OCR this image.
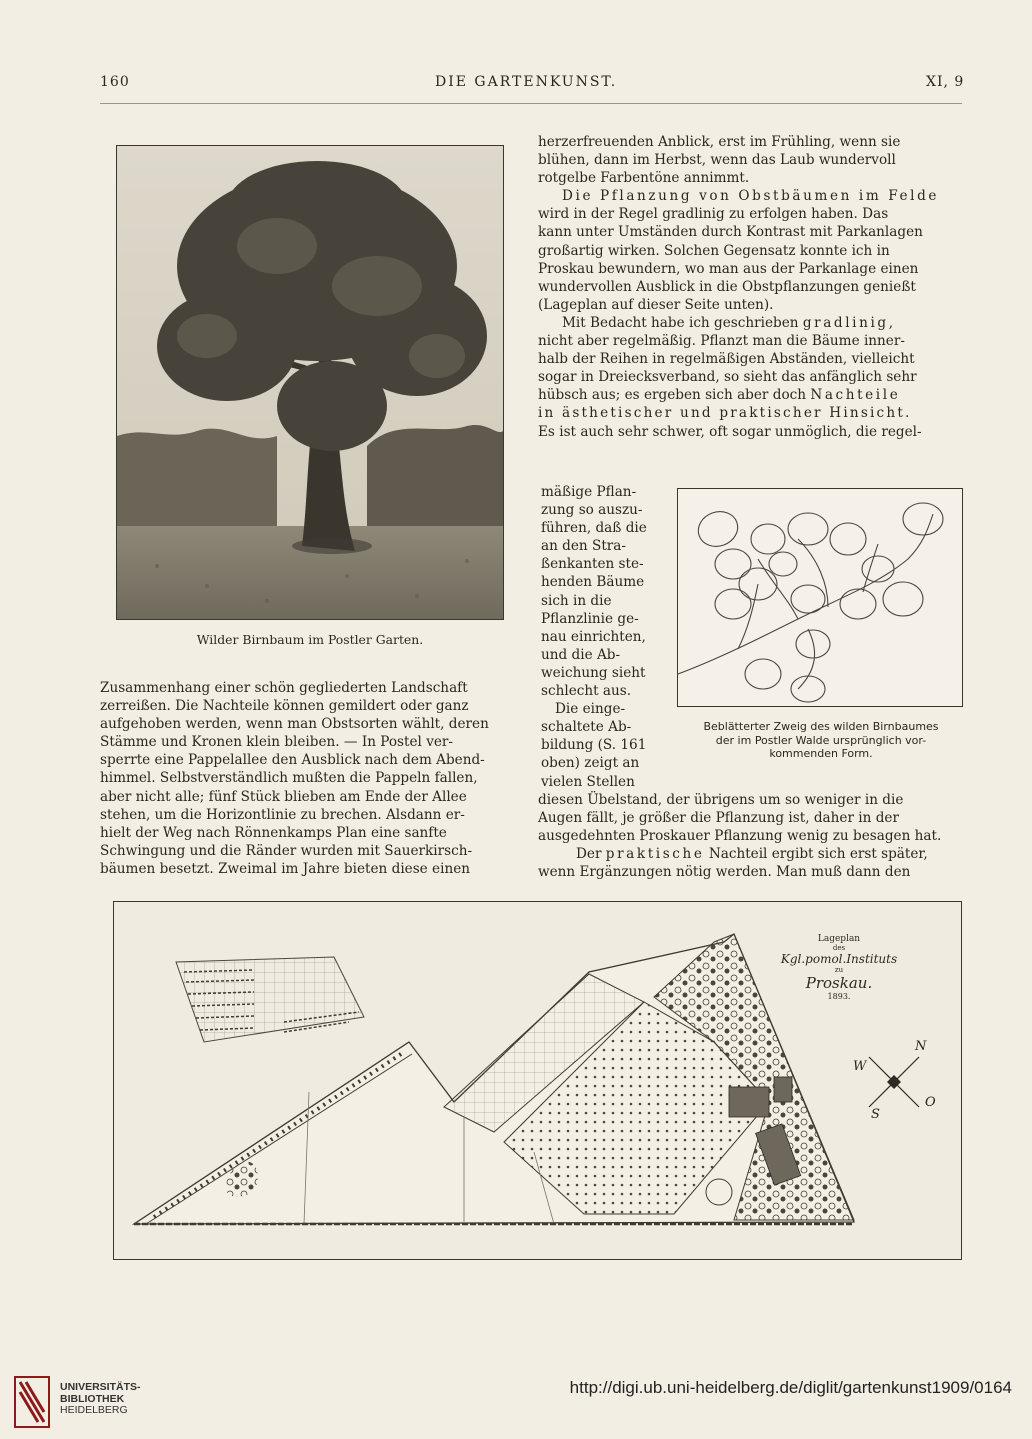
160	DIE GARTENKUNST.	XI, 9
Wilder Birnbaum im Postler Garten.

Zusammenhang einer schön gegliederten Landschaft

zerreißen. Die Nachteile können gemildert oder ganz

aufgehoben werden, wenn man Obstsorten wählt, deren

Stämme und Kronen klein bleiben. — In Postel ver-

sperrte eine Pappelallee den Ausblick nach dem Abend-

himmel. Selbstverständlich mußten die Pappeln fallen,

aber nicht alle; fünf Stück blieben am Ende der Allee

stehen, um die Horizontlinie zu brechen. Alsdann er-

hielt der Weg nach Rönnenkamps Plan eine sanfte

Schwingung und die Ränder wurden mit Sauerkirsch-

bäumen besetzt. Zweimal im Jahre bieten diese einen

herzerfreuenden Anblick, erst im Frühling, wenn sie

blühen, dann im Herbst, wenn das Laub wundervoll

rotgelbe Farbentöne annimmt.

Die Pflanzung von Obstbäumen im Felde

wird in der Regel gradlinig zu erfolgen haben. Das

kann unter Umständen durch Kontrast mit Parkanlagen

großartig wirken. Solchen Gegensatz konnte ich in

Proskau bewundern, wo man aus der Parkanlage einen

wundervollen Ausblick in die Obstpflanzungen genießt

(Lageplan auf dieser Seite unten).

Mit Bedacht habe ich geschrieben gradlinig,

nicht aber regelmäßig. Pflanzt man die Bäume inner-

halb der Reihen in regelmäßigen Abständen, vielleicht

sogar in Dreiecksverband, so sieht das anfänglich sehr

hübsch aus; es ergeben sich aber doch Nachteile

in ästhetischer und praktischer Hinsicht.

Es ist auch sehr schwer, oft sogar unmöglich, die regel-

mäßige Pflan-

zung so auszu-

führen, daß die

an den Stra-

ßenkanten ste-

henden Bäume

sich in die

Pflanzlinie ge-

nau einrichten,

und die Ab-

weichung sieht

schlecht aus.

Die einge-

schaltete Ab-

bildung (S. 161

oben) zeigt an

vielen Stellen

Beblätterter Zweig des wilden Birnbaumes
der im Postler Walde ursprünglich vor-
kommenden Form.

diesen Übelstand, der übrigens um so weniger in die

Augen fällt, je größer die Pflanzung ist, daher in der

ausgedehnten Proskauer Pflanzung wenig zu besagen hat.

Der praktische Nachteil ergibt sich erst später,

wenn Ergänzungen nötig werden. Man muß dann den

Lageplan
des
Kgl.pomol.Instituts
zu
Proskau.
1893.
N
W
O
S
UNIVERSITÄTS-
BIBLIOTHEK
HEIDELBERG
http://digi.ub.uni-heidelberg.de/diglit/gartenkunst1909/0164
